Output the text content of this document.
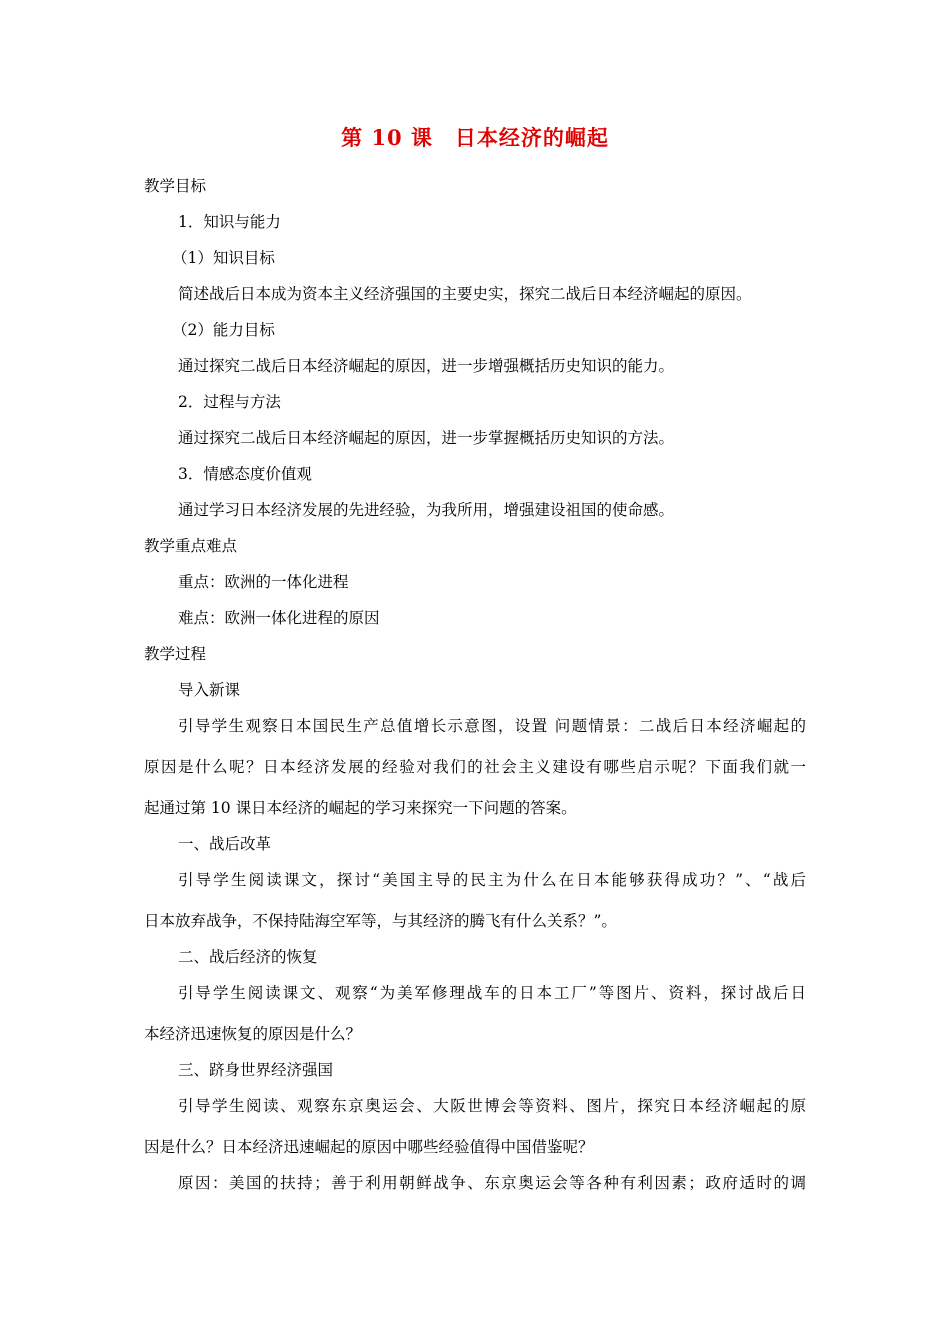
第 10 课　日本经济的崛起
教学目标
1．知识与能力
（1）知识目标
简述战后日本成为资本主义经济强国的主要史实，探究二战后日本经济崛起的原因。
（2）能力目标
通过探究二战后日本经济崛起的原因，进一步增强概括历史知识的能力。
2．过程与方法
通过探究二战后日本经济崛起的原因，进一步掌握概括历史知识的方法。
3．情感态度价值观
通过学习日本经济发展的先进经验，为我所用，增强建设祖国的使命感。
教学重点难点
重点：欧洲的一体化进程
难点：欧洲一体化进程的原因
教学过程
导入新课
引导学生观察日本国民生产总值增长示意图，设置 问题情景：二战后日本经济崛起的
原因是什么呢？日本经济发展的经验对我们的社会主义建设有哪些启示呢？下面我们就一
起通过第 10 课日本经济的崛起的学习来探究一下问题的答案。
一、战后改革
引导学生阅读课文，探讨“美国主导的民主为什么在日本能够获得成功？”、“战后
日本放弃战争，不保持陆海空军等，与其经济的腾飞有什么关系？”。
二、战后经济的恢复
引导学生阅读课文、观察“为美军修理战车的日本工厂”等图片、资料，探讨战后日
本经济迅速恢复的原因是什么？
三、跻身世界经济强国
引导学生阅读、观察东京奥运会、大阪世博会等资料、图片，探究日本经济崛起的原
因是什么？日本经济迅速崛起的原因中哪些经验值得中国借鉴呢？
原因：美国的扶持；善于利用朝鲜战争、东京奥运会等各种有利因素；政府适时的调
